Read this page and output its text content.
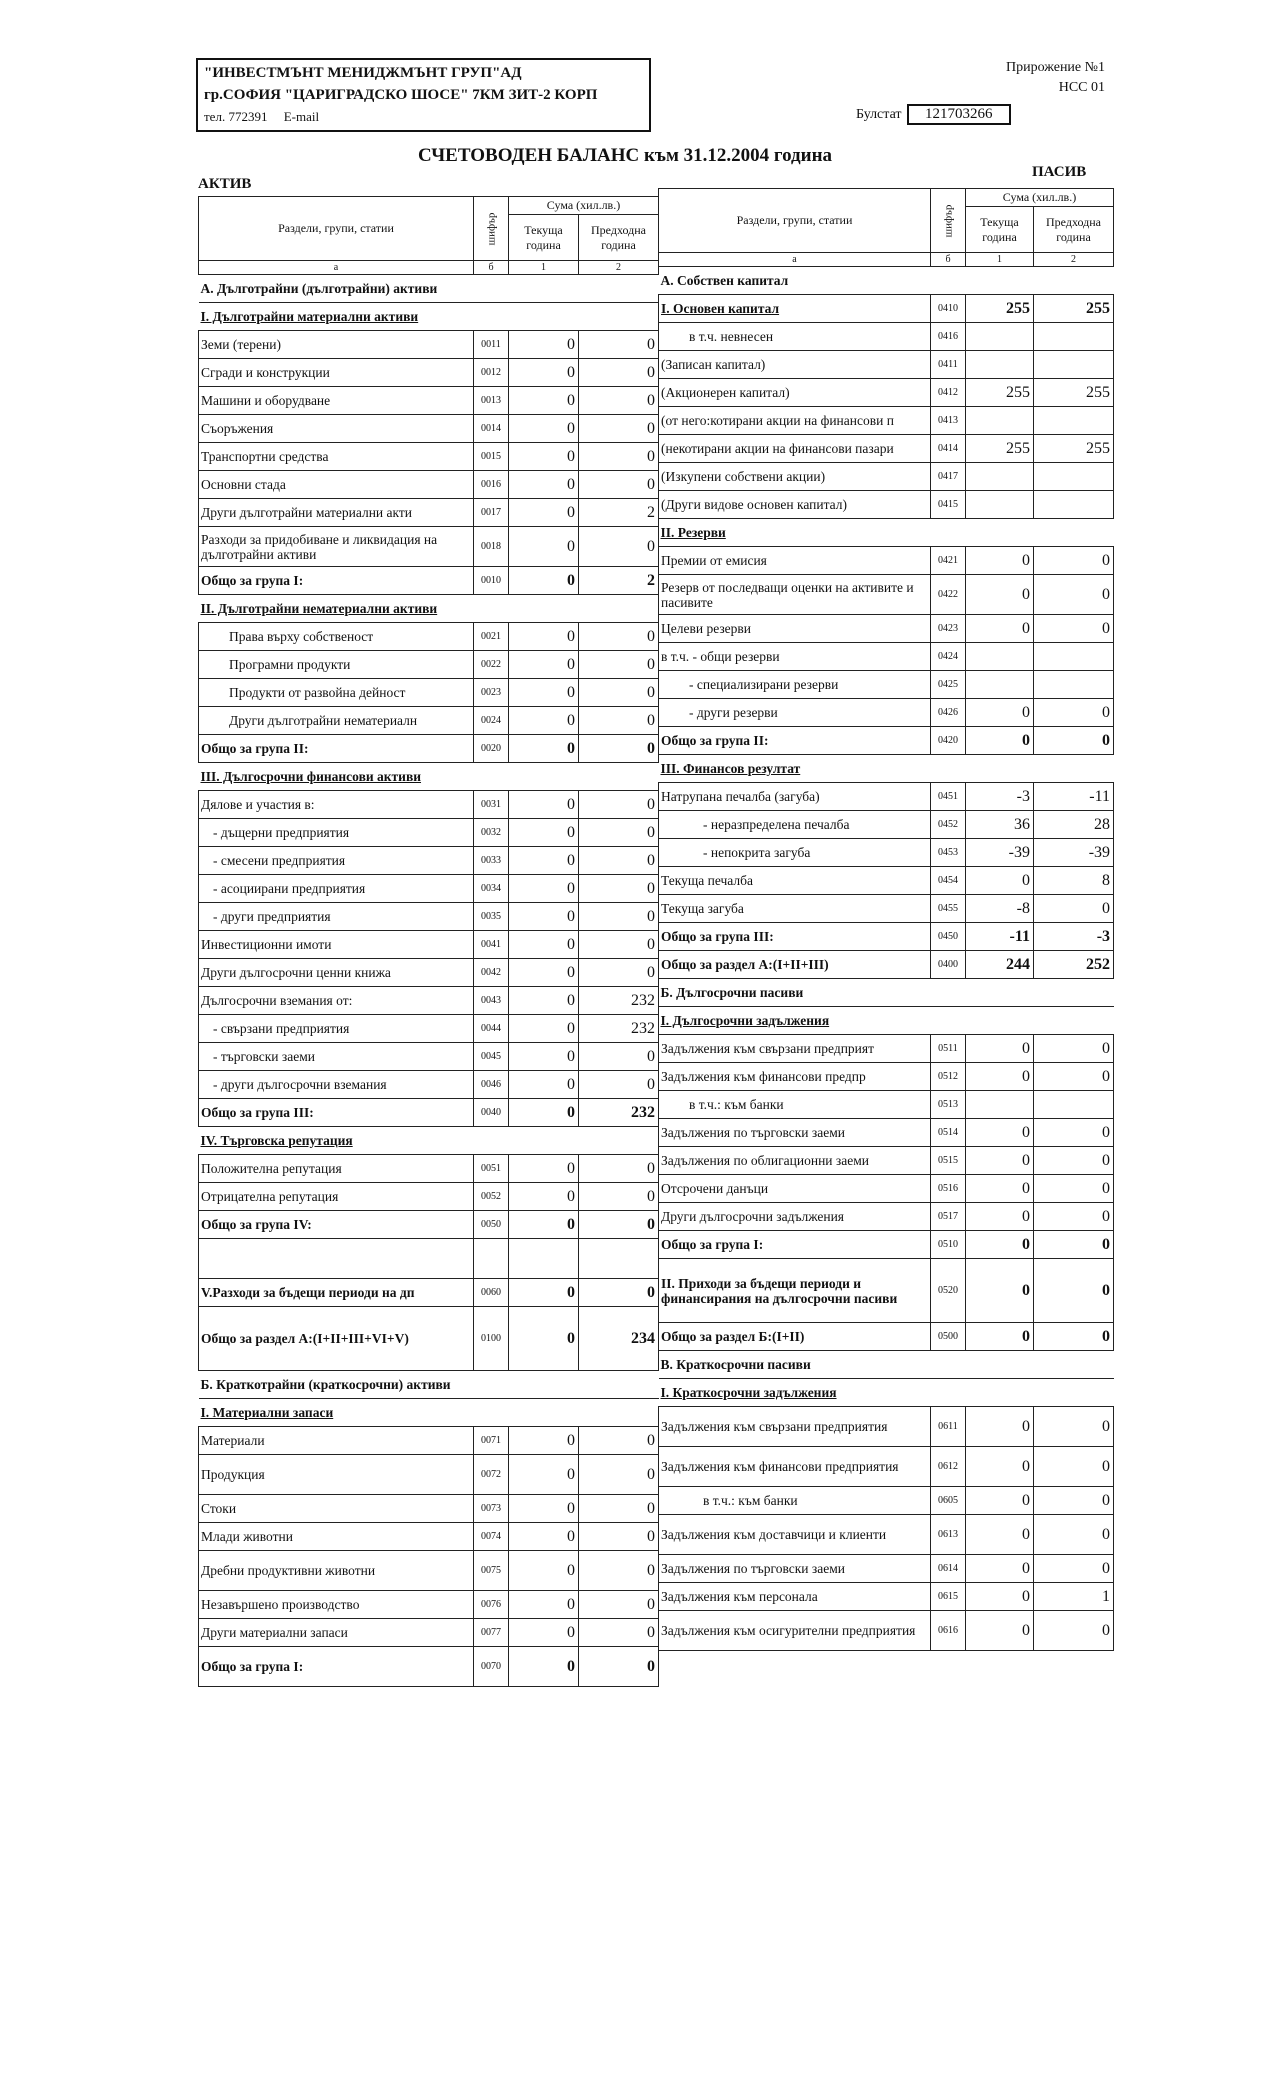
"ИНВЕСТМЪНТ МЕНИДЖМЪНТ ГРУП"АД
гр.СОФИЯ "ЦАРИГРАДСКО ШОСЕ" 7КМ ЗИТ-2 КОРП
тел. 772391 E-mail
Прирожение №1
НСС 01
Булстат 121703266
СЧЕТОВОДЕН БАЛАНС към 31.12.2004 година
АКТИВ
ПАСИВ
Раздели, групи, статии	шифър	Сума (хил.лв.)	
		Текуща година	Предходна година
а	б	1	2
А. Дълготрайни (дълготрайни) активи			
I. Дълготрайни материални активи			
Земи (терени)	0011	0	0
Сгради и конструкции	0012	0	0
Машини и оборудване	0013	0	0
Съоръжения	0014	0	0
Транспортни средства	0015	0	0
Основни стада	0016	0	0
Други дълготрайни материални акти	0017	0	2
Разходи за придобиване и ликвидация на дълготрайни активи	0018	0	0
Общо за група I:	0010	0	2
II. Дълготрайни нематериални активи			
Права върху собственост	0021	0	0
Програмни продукти	0022	0	0
Продукти от развойна дейност	0023	0	0
Други дълготрайни нематериалн	0024	0	0
Общо за група II:	0020	0	0
III. Дългосрочни финансови активи			
Дялове и участия в:	0031	0	0
- дъщерни предприятия	0032	0	0
- смесени предприятия	0033	0	0
- асоциирани предприятия	0034	0	0
- други предприятия	0035	0	0
Инвестиционни имоти	0041	0	0
Други дългосрочни ценни книжа	0042	0	0
Дългосрочни вземания от:	0043	0	232
- свързани предприятия	0044	0	232
- търговски заеми	0045	0	0
- други дългосрочни вземания	0046	0	0
Общо за група III:	0040	0	232
IV. Търговска репутация			
Положителна репутация	0051	0	0
Отрицателна репутация	0052	0	0
Общо за група IV:	0050	0	0

V.Разходи за бъдещи периоди на дп	0060	0	0
Общо за раздел А:(I+II+III+VI+V)	0100	0	234
Б. Краткотрайни (краткосрочни) активи			
I. Материални запаси			
Материали	0071	0	0
Продукция	0072	0	0
Стоки	0073	0	0
Млади животни	0074	0	0
Дребни продуктивни животни	0075	0	0
Незавършено производство	0076	0	0
Други материални запаси	0077	0	0
Общо за група I:	0070	0	0
Раздели, групи, статии	шифър	Сума (хил.лв.)	
		Текуща година	Предходна година
а	б	1	2
А. Собствен капитал			
I. Основен капитал	0410	255	255
в т.ч. невнесен	0416		
(Записан капитал)	0411		
(Акционерен капитал)	0412	255	255
(от него:котирани акции на финансови п	0413		
(некотирани акции на финансови пазари	0414	255	255
(Изкупени собствени акции)	0417		
(Други видове основен капитал)	0415		
II. Резерви			
Премии от емисия	0421	0	0
Резерв от последващи оценки на активите и пасивите	0422	0	0
Целеви резерви	0423	0	0
в т.ч. - общи резерви	0424		
- специализирани резерви	0425		
- други резерви	0426	0	0
Общо за група II:	0420	0	0
III. Финансов резултат			
Натрупана печалба (загуба)	0451	-3	-11
- неразпределена печалба	0452	36	28
- непокрита загуба	0453	-39	-39
Текуща печалба	0454	0	8
Текуща загуба	0455	-8	0
Общо за група III:	0450	-11	-3
Общо за раздел А:(I+II+III)	0400	244	252
Б. Дългосрочни пасиви			
I. Дългосрочни задължения			
Задължения към свързани предприят	0511	0	0
Задължения към финансови предпр	0512	0	0
в т.ч.: към банки	0513		
Задължения по търговски заеми	0514	0	0
Задължения по облигационни заеми	0515	0	0
Отсрочени данъци	0516	0	0
Други дългосрочни задължения	0517	0	0
Общо за група I:	0510	0	0
II. Приходи за бъдещи периоди и финансирания на дългосрочни пасиви	0520	0	0
Общо за раздел Б:(I+II)	0500	0	0
В. Краткосрочни пасиви			
I. Краткосрочни задължения			
Задължения към свързани предприятия	0611	0	0
Задължения към финансови предприятия	0612	0	0
в т.ч.: към банки	0605	0	0
Задължения към доставчици и клиенти	0613	0	0
Задължения по търговски заеми	0614	0	0
Задължения към персонала	0615	0	1
Задължения към осигурителни предприятия	0616	0	0
